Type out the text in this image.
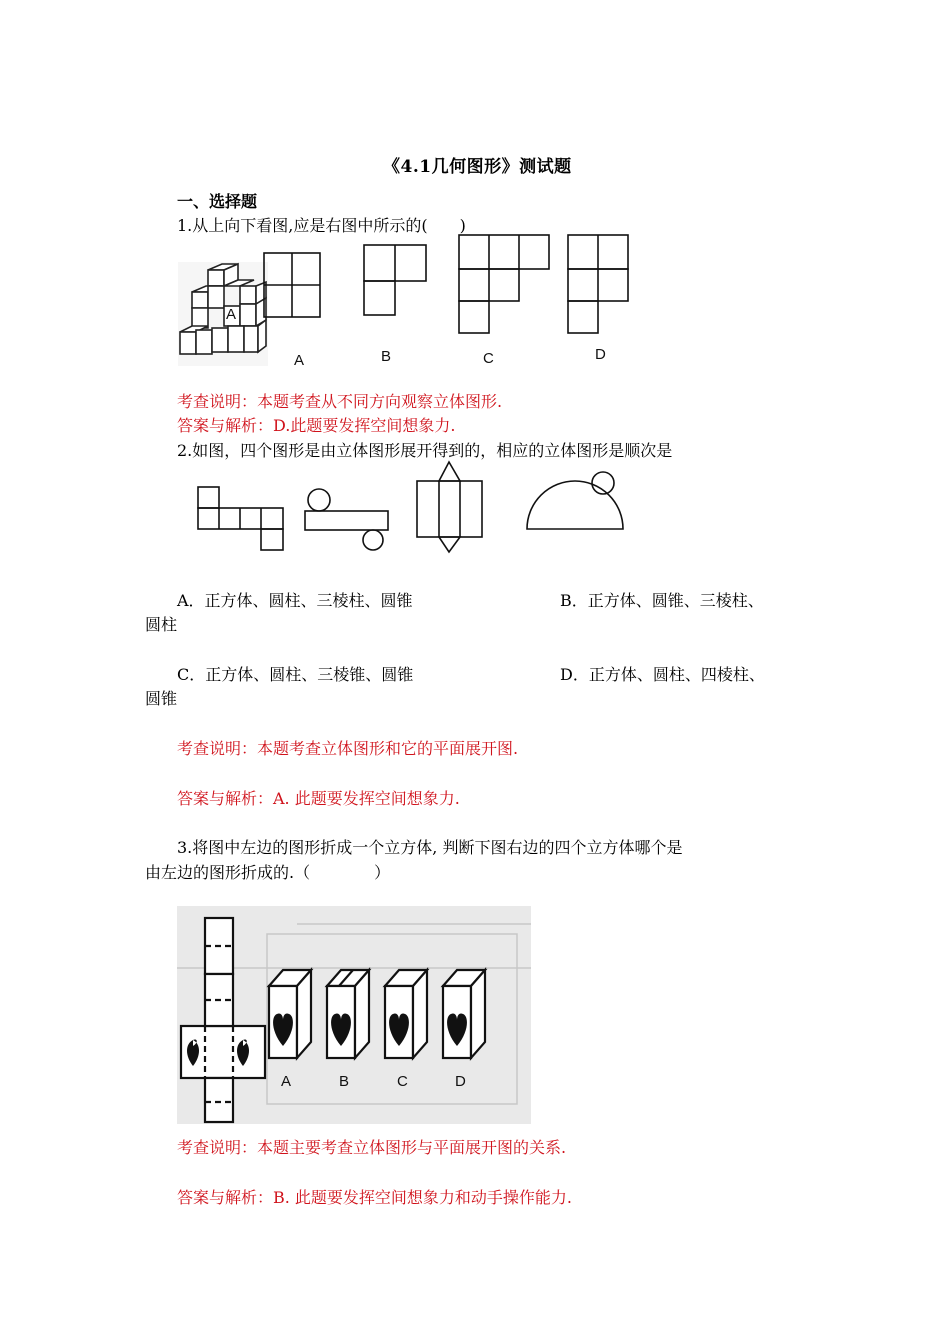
《4.1几何图形》测试题
一、选择题
1.从上向下看图,应是右图中所示的(　　)
A
A	B	C	D
考查说明：本题考查从不同方向观察立体图形.
答案与解析：D.此题要发挥空间想象力.
2.如图，四个图形是由立体图形展开得到的，相应的立体图形是顺次是
A．正方体、圆柱、三棱柱、圆锥	B．正方体、圆锥、三棱柱、
圆柱
C．正方体、圆柱、三棱锥、圆锥	D．正方体、圆柱、四棱柱、
圆锥
考查说明：本题考查立体图形和它的平面展开图.
答案与解析：A. 此题要发挥空间想象力.
3.将图中左边的图形折成一个立方体, 判断下图右边的四个立方体哪个是
由左边的图形折成的.（　　　　）
A	B	C	D
考查说明：本题主要考查立体图形与平面展开图的关系.
答案与解析：B. 此题要发挥空间想象力和动手操作能力.
